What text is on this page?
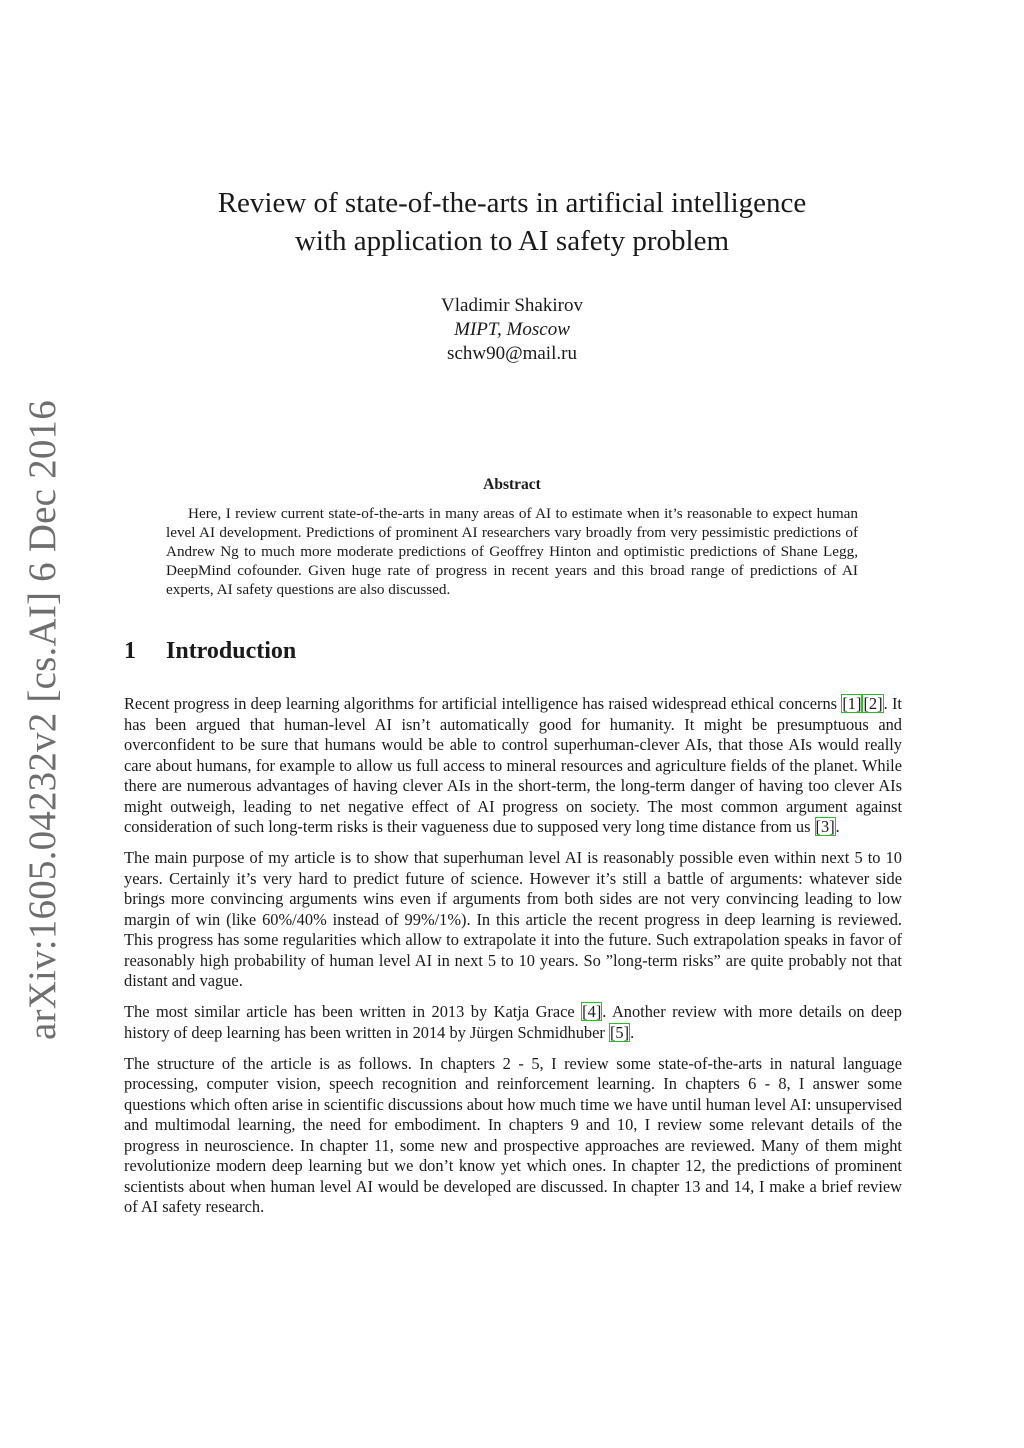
arXiv:1605.04232v2 [cs.AI] 6 Dec 2016
Review of state-of-the-arts in artificial intelligence
with application to AI safety problem
Vladimir Shakirov
MIPT, Moscow
schw90@mail.ru
Abstract

Here, I review current state-of-the-arts in many areas of AI to estimate when it’s reasonable to expect human level AI development. Predictions of prominent AI researchers vary broadly from very pessimistic predictions of Andrew Ng to much more moderate predictions of Geoffrey Hinton and optimistic predictions of Shane Legg, DeepMind cofounder. Given huge rate of progress in recent years and this broad range of predictions of AI experts, AI safety questions are also discussed.

1 Introduction

Recent progress in deep learning algorithms for artificial intelligence has raised widespread ethical concerns [1] [2]. It has been argued that human-level AI isn’t automatically good for humanity. It might be presumptuous and overconfident to be sure that humans would be able to control superhuman-clever AIs, that those AIs would really care about humans, for example to allow us full access to mineral resources and agriculture fields of the planet. While there are numerous advantages of having clever AIs in the short-term, the long-term danger of having too clever AIs might outweigh, leading to net negative effect of AI progress on society. The most common argument against consideration of such long-term risks is their vagueness due to supposed very long time distance from us [3].

The main purpose of my article is to show that superhuman level AI is reasonably possible even within next 5 to 10 years. Certainly it’s very hard to predict future of science. However it’s still a battle of arguments: whatever side brings more convincing arguments wins even if arguments from both sides are not very convincing leading to low margin of win (like 60%/40% instead of 99%/1%). In this article the recent progress in deep learning is reviewed. This progress has some regularities which allow to extrapolate it into the future. Such extrapolation speaks in favor of reasonably high probability of human level AI in next 5 to 10 years. So ”long-term risks” are quite probably not that distant and vague.

The most similar article has been written in 2013 by Katja Grace [4]. Another review with more details on deep history of deep learning has been written in 2014 by Jürgen Schmidhuber [5].

The structure of the article is as follows. In chapters 2 - 5, I review some state-of-the-arts in natural language processing, computer vision, speech recognition and reinforcement learning. In chapters 6 - 8, I answer some questions which often arise in scientific discussions about how much time we have until human level AI: unsupervised and multimodal learning, the need for embodiment. In chapters 9 and 10, I review some relevant details of the progress in neuroscience. In chapter 11, some new and prospective approaches are reviewed. Many of them might revolutionize modern deep learning but we don’t know yet which ones. In chapter 12, the predictions of prominent scientists about when human level AI would be developed are discussed. In chapter 13 and 14, I make a brief review of AI safety research.
